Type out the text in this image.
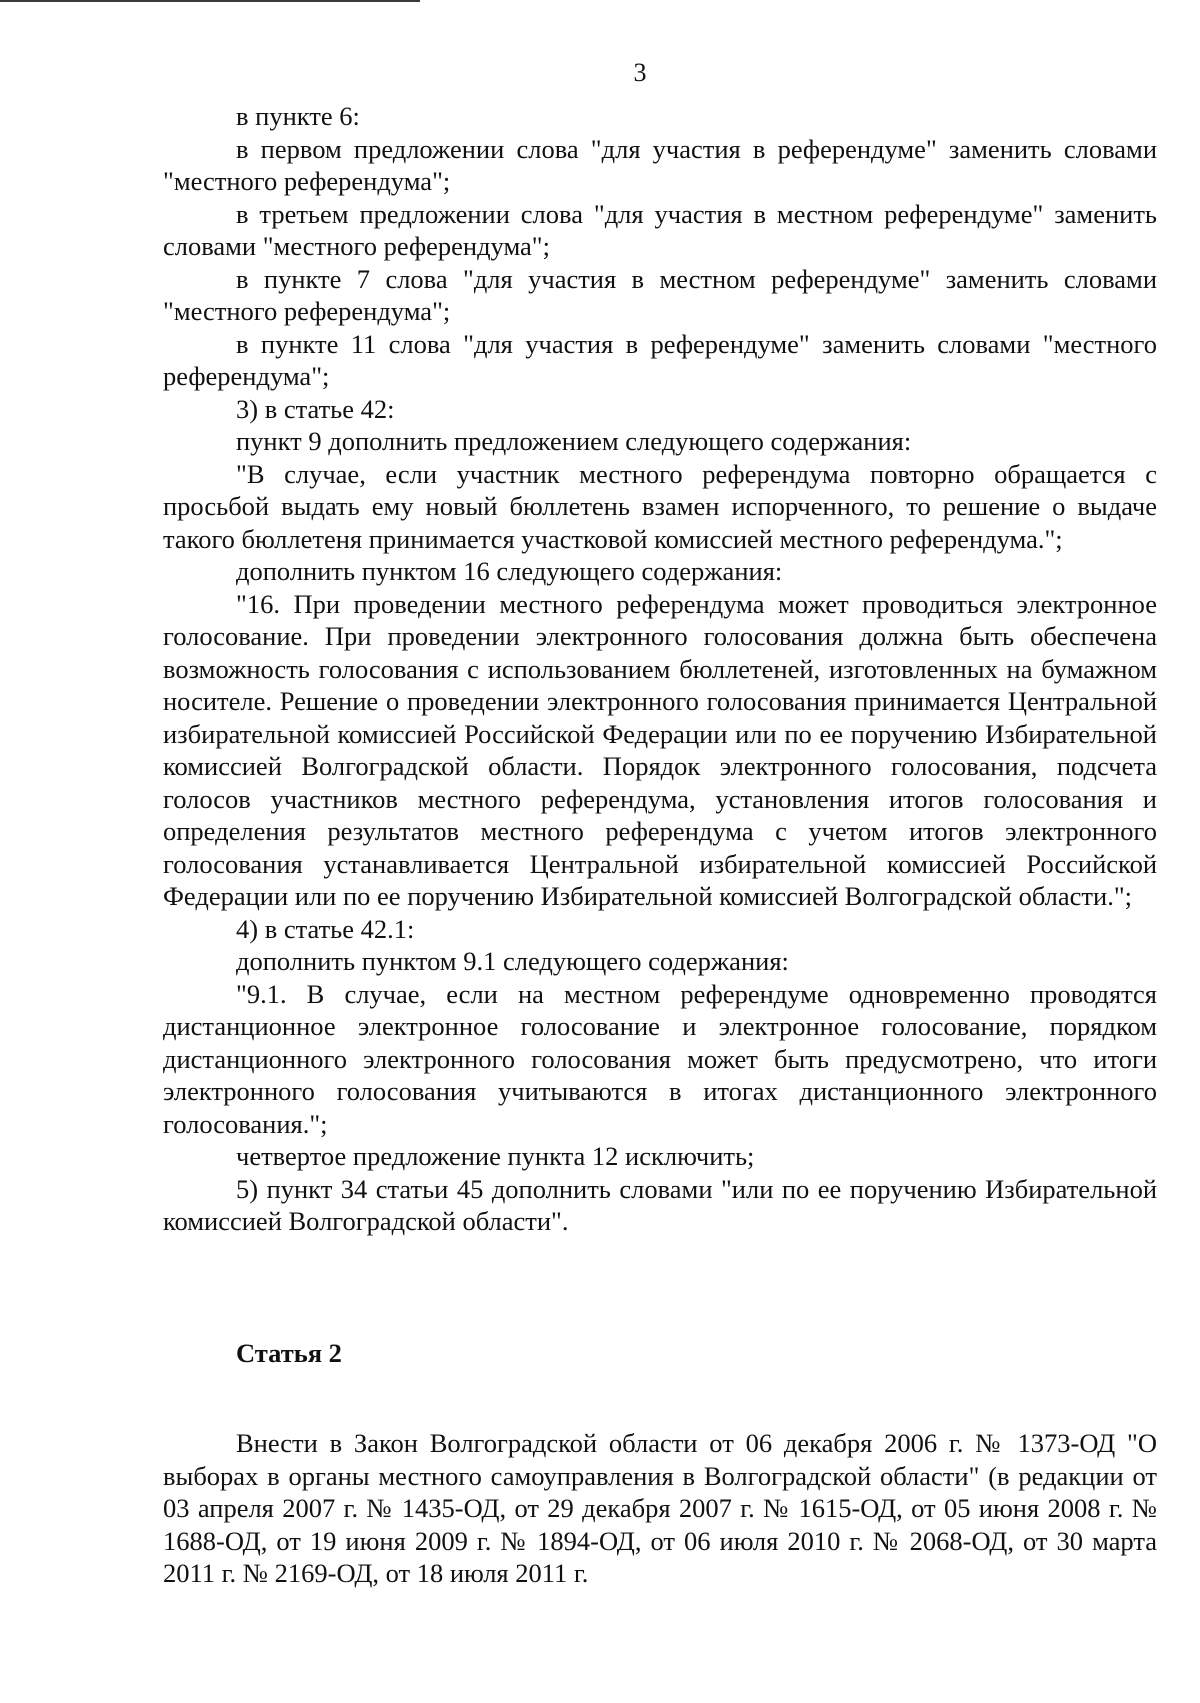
3

в пункте 6:

в первом предложении слова "для участия в референдуме" заменить словами "местного референдума";

в третьем предложении слова "для участия в местном референдуме" заменить словами "местного референдума";

в пункте 7 слова "для участия в местном референдуме" заменить словами "местного референдума";

в пункте 11 слова "для участия в референдуме" заменить словами "местного референдума";

3) в статье 42:

пункт 9 дополнить предложением следующего содержания:

"В случае, если участник местного референдума повторно обращается с просьбой выдать ему новый бюллетень взамен испорченного, то решение о выдаче такого бюллетеня принимается участковой комиссией местного референдума.";

дополнить пунктом 16 следующего содержания:

"16. При проведении местного референдума может проводиться электронное голосование. При проведении электронного голосования должна быть обеспечена возможность голосования с использованием бюллетеней, изготовленных на бумажном носителе. Решение о проведении электронного голосования принимается Центральной избирательной комиссией Российской Федерации или по ее поручению Избирательной комиссией Волгоградской области. Порядок электронного голосования, подсчета голосов участников местного референдума, установления итогов голосования и определения результатов местного референдума с учетом итогов электронного голосования устанавливается Центральной избирательной комиссией Российской Федерации или по ее поручению Избирательной комиссией Волгоградской области.";

4) в статье 42.1:

дополнить пунктом 9.1 следующего содержания:

"9.1. В случае, если на местном референдуме одновременно проводятся дистанционное электронное голосование и электронное голосование, порядком дистанционного электронного голосования может быть предусмотрено, что итоги электронного голосования учитываются в итогах дистанционного электронного голосования.";

четвертое предложение пункта 12 исключить;

5) пункт 34 статьи 45 дополнить словами "или по ее поручению Избирательной комиссией Волгоградской области".

Статья 2

Внести в Закон Волгоградской области от 06 декабря 2006 г. № 1373-ОД "О выборах в органы местного самоуправления в Волгоградской области" (в редакции от 03 апреля 2007 г. № 1435-ОД, от 29 декабря 2007 г. № 1615-ОД, от 05 июня 2008 г. № 1688-ОД, от 19 июня 2009 г. № 1894-ОД, от 06 июля 2010 г. № 2068-ОД, от 30 марта 2011 г. № 2169-ОД, от 18 июля 2011 г.
